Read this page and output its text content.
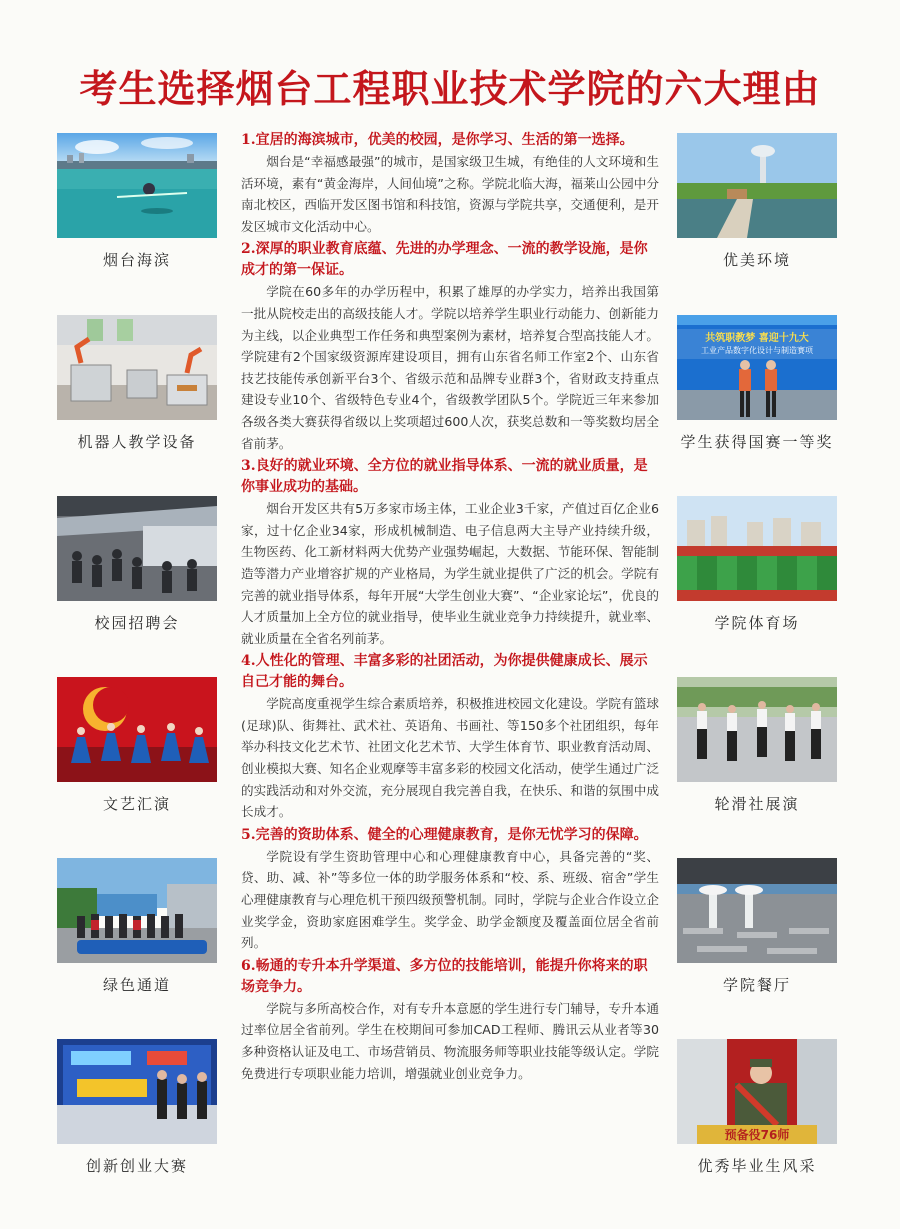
考生选择烟台工程职业技术学院的六大理由
烟台海滨
机器人教学设备
校园招聘会
文艺汇演
绿色通道
创新创业大赛
优美环境
共筑职教梦 喜迎十九大
工业产品数字化设计与制造赛项
学生获得国赛一等奖
学院体育场
轮滑社展演
学院餐厅
预备役76师
优秀毕业生风采

1.宜居的海滨城市，优美的校园，是你学习、生活的第一选择。

烟台是“幸福感最强”的城市，是国家级卫生城，有绝佳的人文环境和生活环境，素有“黄金海岸，人间仙境”之称。学院北临大海，福莱山公园中分南北校区，西临开发区图书馆和科技馆，资源与学院共享，交通便利，是开发区城市文化活动中心。

2.深厚的职业教育底蕴、先进的办学理念、一流的教学设施，是你成才的第一保证。

学院在60多年的办学历程中，积累了雄厚的办学实力，培养出我国第一批从院校走出的高级技能人才。学院以培养学生职业行动能力、创新能力为主线，以企业典型工作任务和典型案例为素材，培养复合型高技能人才。学院建有2个国家级资源库建设项目，拥有山东省名师工作室2个、山东省技艺技能传承创新平台3个、省级示范和品牌专业群3个，省财政支持重点建设专业10个、省级特色专业4个，省级教学团队5个。学院近三年来参加各级各类大赛获得省级以上奖项超过600人次，获奖总数和一等奖数均居全省前茅。

3.良好的就业环境、全方位的就业指导体系、一流的就业质量，是你事业成功的基础。

烟台开发区共有5万多家市场主体，工业企业3千家，产值过百亿企业6家，过十亿企业34家，形成机械制造、电子信息两大主导产业持续升级，生物医药、化工新材料两大优势产业强势崛起，大数据、节能环保、智能制造等潜力产业增容扩规的产业格局，为学生就业提供了广泛的机会。学院有完善的就业指导体系，每年开展“大学生创业大赛”、“企业家论坛”，优良的人才质量加上全方位的就业指导，使毕业生就业竞争力持续提升，就业率、就业质量在全省名列前茅。

4.人性化的管理、丰富多彩的社团活动，为你提供健康成长、展示自己才能的舞台。

学院高度重视学生综合素质培养，积极推进校园文化建设。学院有篮球(足球)队、街舞社、武术社、英语角、书画社、等150多个社团组织，每年举办科技文化艺术节、社团文化艺术节、大学生体育节、职业教育活动周、创业模拟大赛、知名企业观摩等丰富多彩的校园文化活动，使学生通过广泛的实践活动和对外交流，充分展现自我完善自我，在快乐、和谐的氛围中成长成才。

5.完善的资助体系、健全的心理健康教育，是你无忧学习的保障。

学院设有学生资助管理中心和心理健康教育中心，具备完善的“奖、贷、助、减、补”等多位一体的助学服务体系和“校、系、班级、宿舍”学生心理健康教育与心理危机干预四级预警机制。同时，学院与企业合作设立企业奖学金，资助家庭困难学生。奖学金、助学金额度及覆盖面位居全省前列。

6.畅通的专升本升学渠道、多方位的技能培训，能提升你将来的职场竞争力。

学院与多所高校合作，对有专升本意愿的学生进行专门辅导，专升本通过率位居全省前列。学生在校期间可参加CAD工程师、腾讯云从业者等30多种资格认证及电工、市场营销员、物流服务师等职业技能等级认定。学院免费进行专项职业能力培训，增强就业创业竞争力。
